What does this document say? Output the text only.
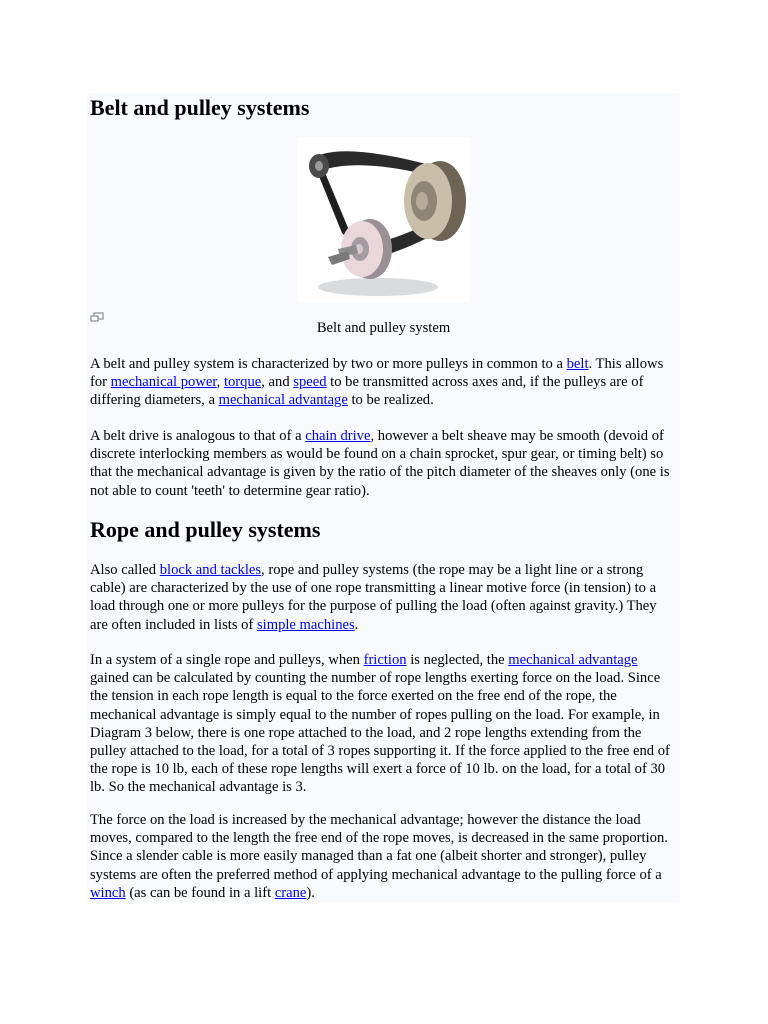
Belt and pulley systems
Belt and pulley system

A belt and pulley system is characterized by two or more pulleys in common to a belt. This allows for mechanical power, torque, and speed to be transmitted across axes and, if the pulleys are of differing diameters, a mechanical advantage to be realized.

A belt drive is analogous to that of a chain drive, however a belt sheave may be smooth (devoid of discrete interlocking members as would be found on a chain sprocket, spur gear, or timing belt) so that the mechanical advantage is given by the ratio of the pitch diameter of the sheaves only (one is not able to count 'teeth' to determine gear ratio).

Rope and pulley systems

Also called block and tackles, rope and pulley systems (the rope may be a light line or a strong cable) are characterized by the use of one rope transmitting a linear motive force (in tension) to a load through one or more pulleys for the purpose of pulling the load (often against gravity.) They are often included in lists of simple machines.

In a system of a single rope and pulleys, when friction is neglected, the mechanical advantage gained can be calculated by counting the number of rope lengths exerting force on the load. Since the tension in each rope length is equal to the force exerted on the free end of the rope, the mechanical advantage is simply equal to the number of ropes pulling on the load. For example, in Diagram 3 below, there is one rope attached to the load, and 2 rope lengths extending from the pulley attached to the load, for a total of 3 ropes supporting it. If the force applied to the free end of the rope is 10 lb, each of these rope lengths will exert a force of 10 lb. on the load, for a total of 30 lb. So the mechanical advantage is 3.

The force on the load is increased by the mechanical advantage; however the distance the load moves, compared to the length the free end of the rope moves, is decreased in the same proportion. Since a slender cable is more easily managed than a fat one (albeit shorter and stronger), pulley systems are often the preferred method of applying mechanical advantage to the pulling force of a winch (as can be found in a lift crane).
